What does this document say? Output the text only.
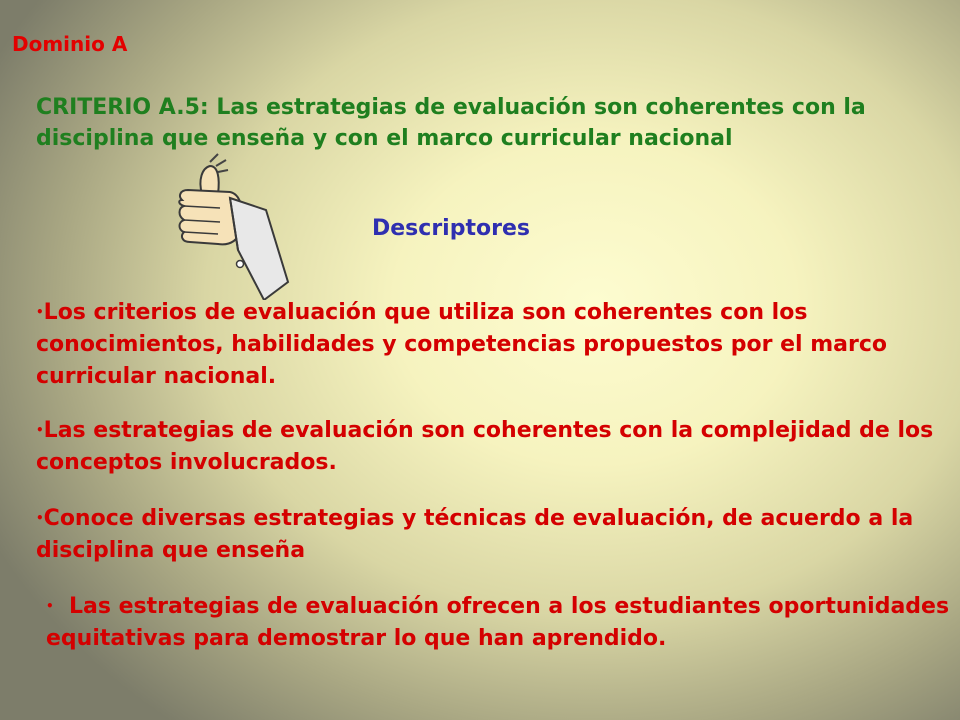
Dominio A

CRITERIO A.5: Las estrategias de evaluación son coherentes con la disciplina que enseña y con el marco curricular nacional

Descriptores

•Los criterios de evaluación que utiliza son coherentes con los conocimientos, habilidades y competencias propuestos por el marco curricular nacional.

•Las estrategias de evaluación son coherentes con la complejidad de los conceptos involucrados.

•Conoce diversas estrategias y técnicas de evaluación, de acuerdo a la disciplina que enseña

• Las estrategias de evaluación ofrecen a los estudiantes oportunidades equitativas para demostrar lo que han aprendido.
